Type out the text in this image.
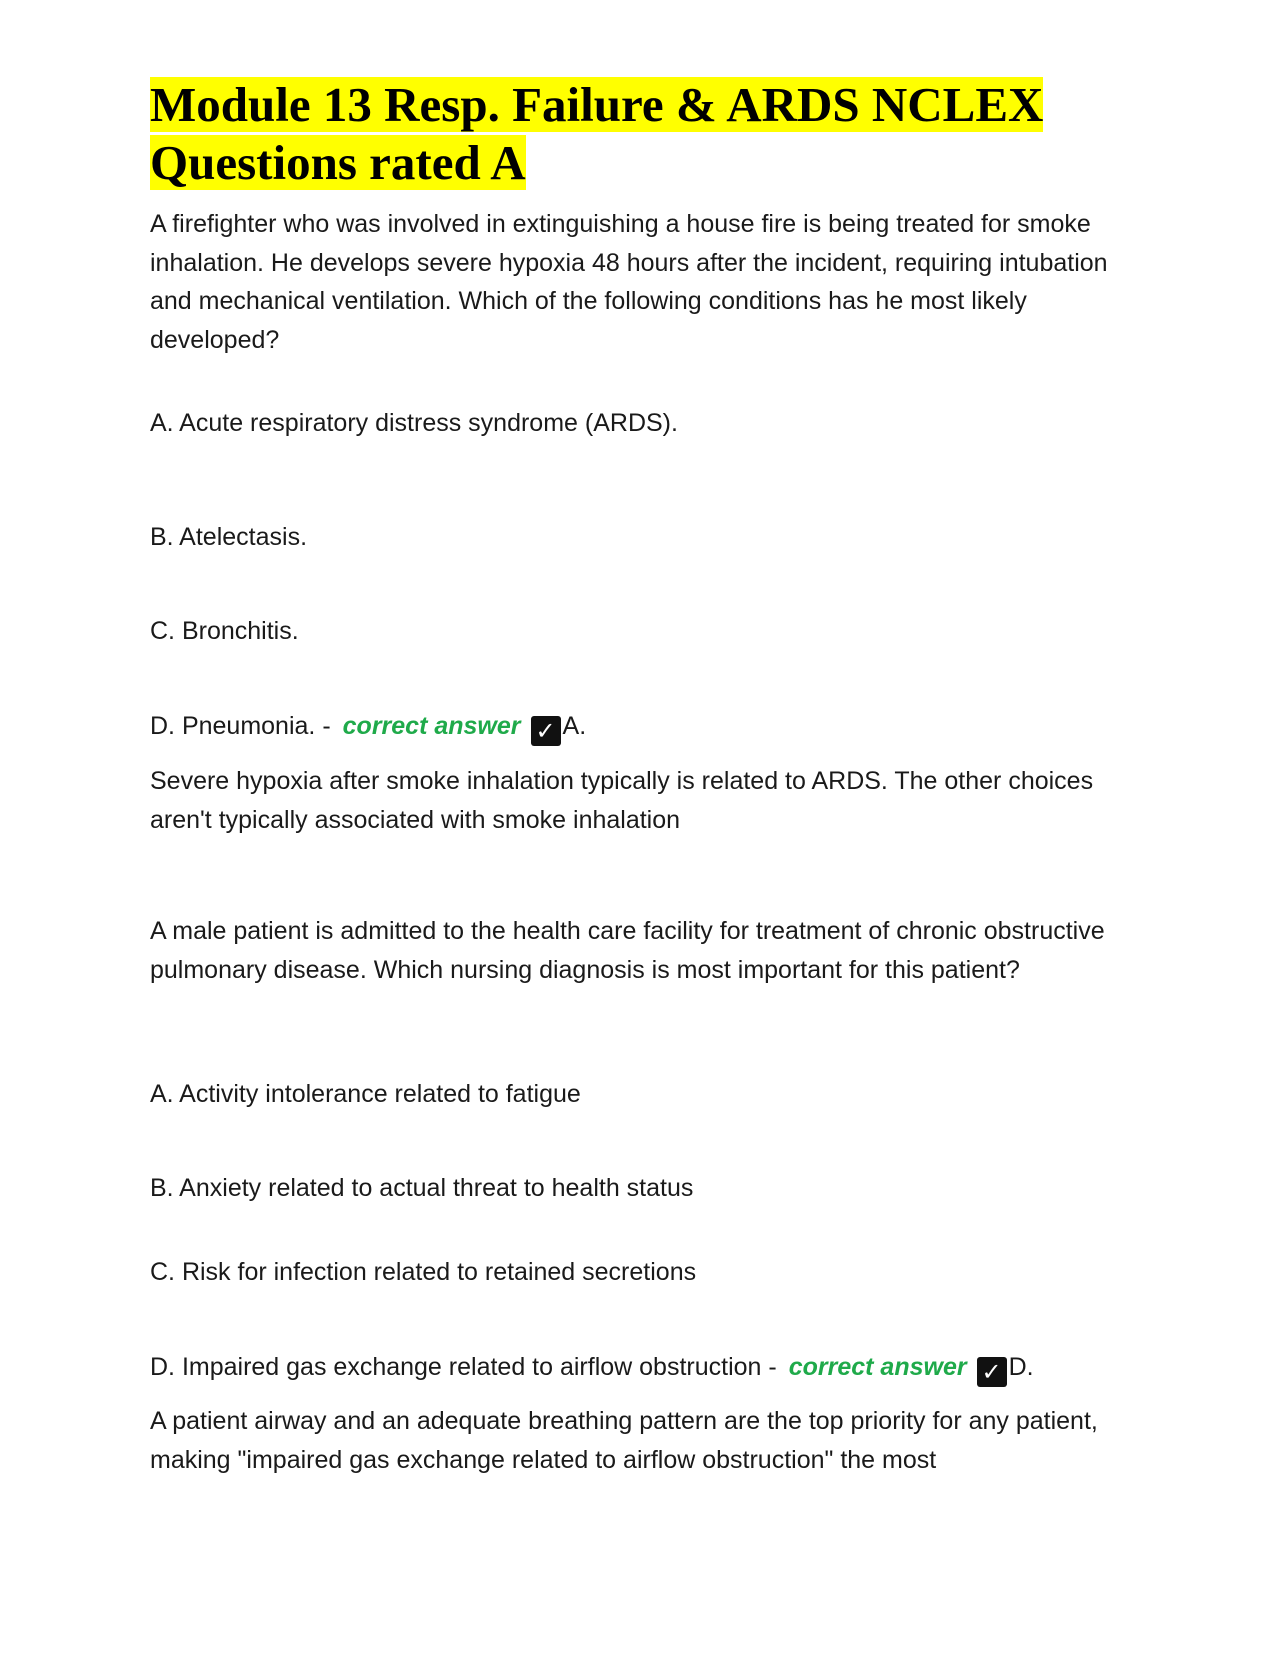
Module 13 Resp. Failure & ARDS NCLEX Questions rated A

A firefighter who was involved in extinguishing a house fire is being treated for smoke inhalation. He develops severe hypoxia 48 hours after the incident, requiring intubation and mechanical ventilation. Which of the following conditions has he most likely developed?

A. Acute respiratory distress syndrome (ARDS).

B. Atelectasis.

C. Bronchitis.

D. Pneumonia. - correct answer ✓ A.

Severe hypoxia after smoke inhalation typically is related to ARDS. The other choices aren't typically associated with smoke inhalation

A male patient is admitted to the health care facility for treatment of chronic obstructive pulmonary disease. Which nursing diagnosis is most important for this patient?

A. Activity intolerance related to fatigue

B. Anxiety related to actual threat to health status

C. Risk for infection related to retained secretions

D. Impaired gas exchange related to airflow obstruction - correct answer ✓ D.

A patient airway and an adequate breathing pattern are the top priority for any patient, making "impaired gas exchange related to airflow obstruction" the most
